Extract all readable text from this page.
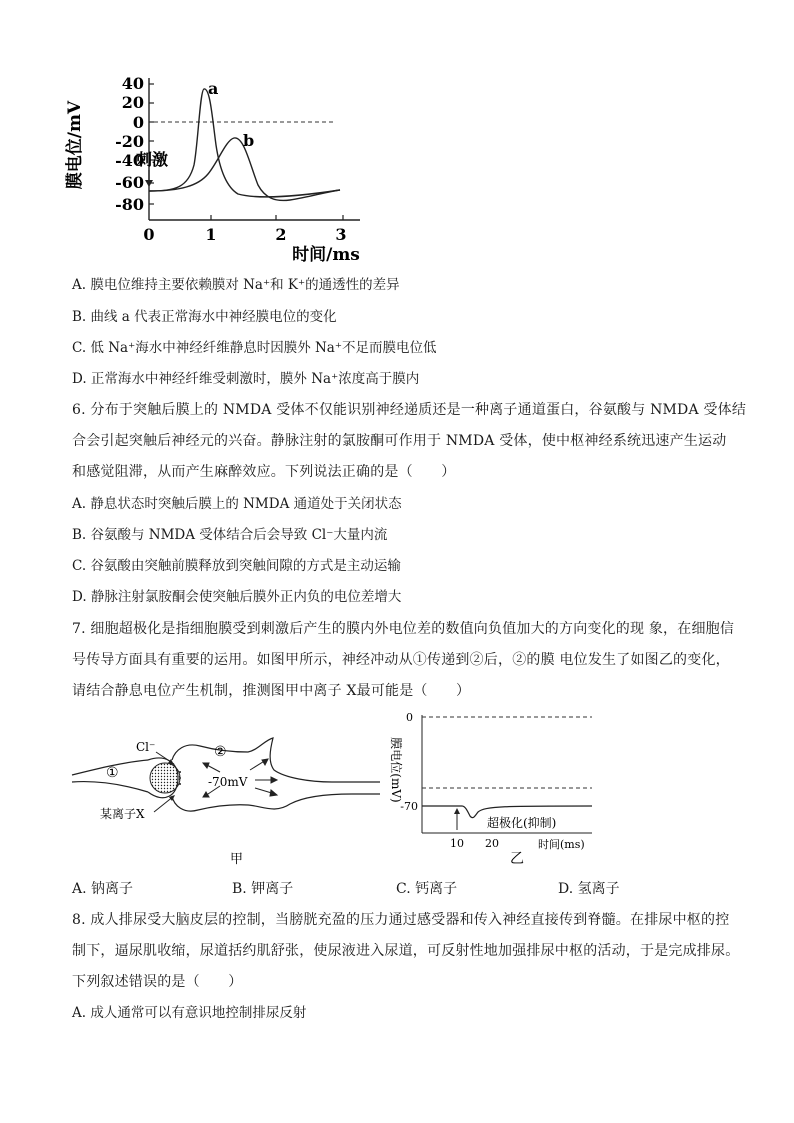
膜电位/mV
40
20
0
-20
-40
-60
-80
0	1	2	3
时间/ms
刺激
a
b
A. 膜电位维持主要依赖膜对 Na⁺和 K⁺的通透性的差异
B. 曲线 a 代表正常海水中神经膜电位的变化
C. 低 Na⁺海水中神经纤维静息时因膜外 Na⁺不足而膜电位低
D. 正常海水中神经纤维受刺激时，膜外 Na⁺浓度高于膜内
6. 分布于突触后膜上的 NMDA 受体不仅能识别神经递质还是一种离子通道蛋白，谷氨酸与 NMDA 受体结
合会引起突触后神经元的兴奋。静脉注射的氯胺酮可作用于 NMDA 受体，使中枢神经系统迅速产生运动
和感觉阻滞，从而产生麻醉效应。下列说法正确的是（　　）
A. 静息状态时突触后膜上的 NMDA 通道处于关闭状态
B. 谷氨酸与 NMDA 受体结合后会导致 Cl⁻大量内流
C. 谷氨酸由突触前膜释放到突触间隙的方式是主动运输
D. 静脉注射氯胺酮会使突触后膜外正内负的电位差增大
7. 细胞超极化是指细胞膜受到刺激后产生的膜内外电位差的数值向负值加大的方向变化的现 象，在细胞信
号传导方面具有重要的运用。如图甲所示，神经冲动从①传递到②后，②的膜 电位发生了如图乙的变化，
请结合静息电位产生机制，推测图甲中离子 X最可能是（　　）
-70mV
Cl⁻
①
②
某离子X
甲
膜电位(mV)
0
-70
超极化(抑制)
10 20	时间(ms)
乙
A. 钠离子	B. 钾离子	C. 钙离子	D. 氢离子
8. 成人排尿受大脑皮层的控制，当膀胱充盈的压力通过感受器和传入神经直接传到脊髓。在排尿中枢的控
制下，逼尿肌收缩，尿道括约肌舒张，使尿液进入尿道，可反射性地加强排尿中枢的活动，于是完成排尿。
下列叙述错误的是（　　）
A. 成人通常可以有意识地控制排尿反射
